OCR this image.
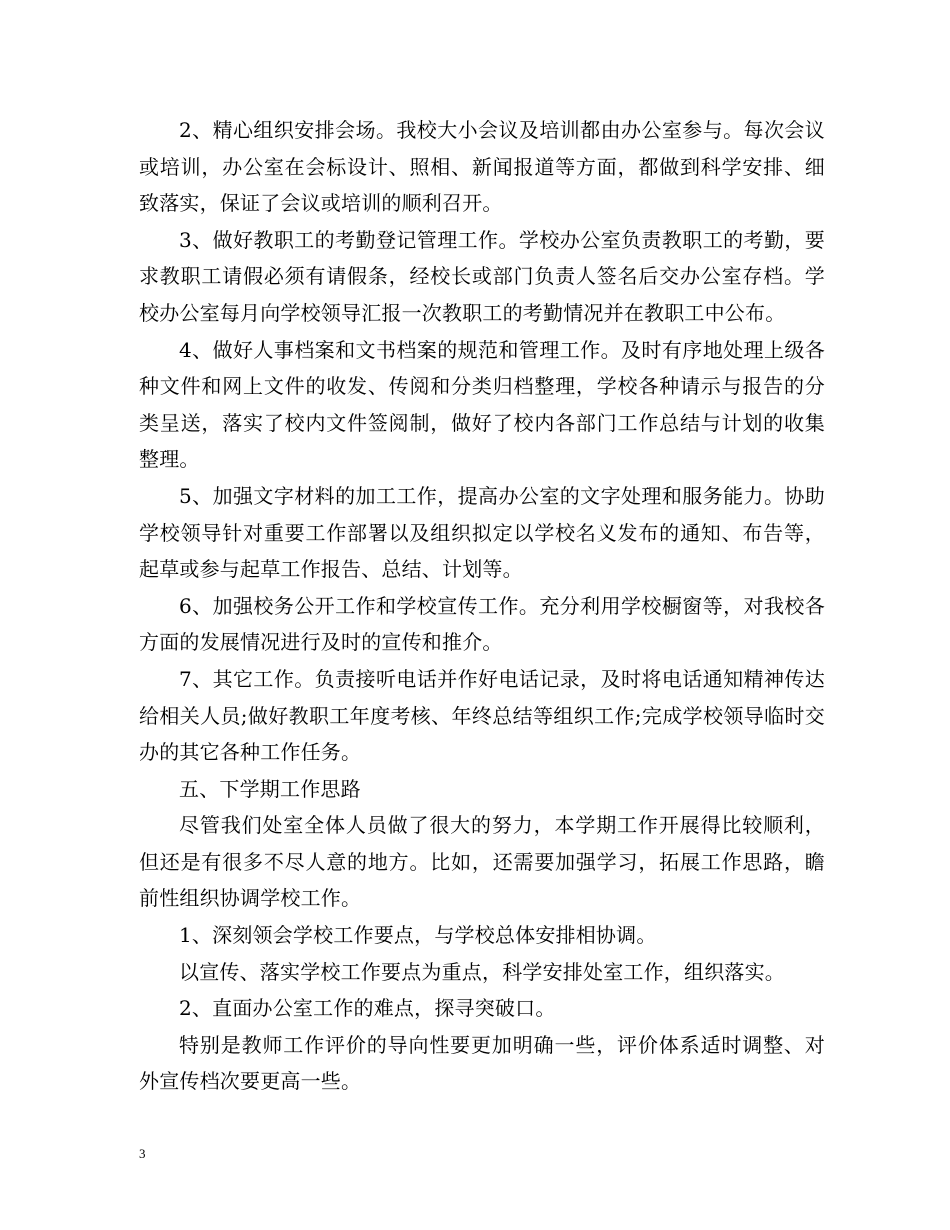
2、精心组织安排会场。我校大小会议及培训都由办公室参与。每次会议或培训，办公室在会标设计、照相、新闻报道等方面，都做到科学安排、细致落实，保证了会议或培训的顺利召开。

3、做好教职工的考勤登记管理工作。学校办公室负责教职工的考勤，要求教职工请假必须有请假条，经校长或部门负责人签名后交办公室存档。学校办公室每月向学校领导汇报一次教职工的考勤情况并在教职工中公布。

4、做好人事档案和文书档案的规范和管理工作。及时有序地处理上级各种文件和网上文件的收发、传阅和分类归档整理，学校各种请示与报告的分类呈送，落实了校内文件签阅制，做好了校内各部门工作总结与计划的收集整理。

5、加强文字材料的加工工作，提高办公室的文字处理和服务能力。协助学校领导针对重要工作部署以及组织拟定以学校名义发布的通知、布告等，起草或参与起草工作报告、总结、计划等。

6、加强校务公开工作和学校宣传工作。充分利用学校橱窗等，对我校各方面的发展情况进行及时的宣传和推介。

7、其它工作。负责接听电话并作好电话记录，及时将电话通知精神传达给相关人员;做好教职工年度考核、年终总结等组织工作;完成学校领导临时交办的其它各种工作任务。

五、下学期工作思路

尽管我们处室全体人员做了很大的努力，本学期工作开展得比较顺利，但还是有很多不尽人意的地方。比如，还需要加强学习，拓展工作思路，瞻前性组织协调学校工作。

1、深刻领会学校工作要点，与学校总体安排相协调。

以宣传、落实学校工作要点为重点，科学安排处室工作，组织落实。

2、直面办公室工作的难点，探寻突破口。

特别是教师工作评价的导向性要更加明确一些，评价体系适时调整、对外宣传档次要更高一些。

3
